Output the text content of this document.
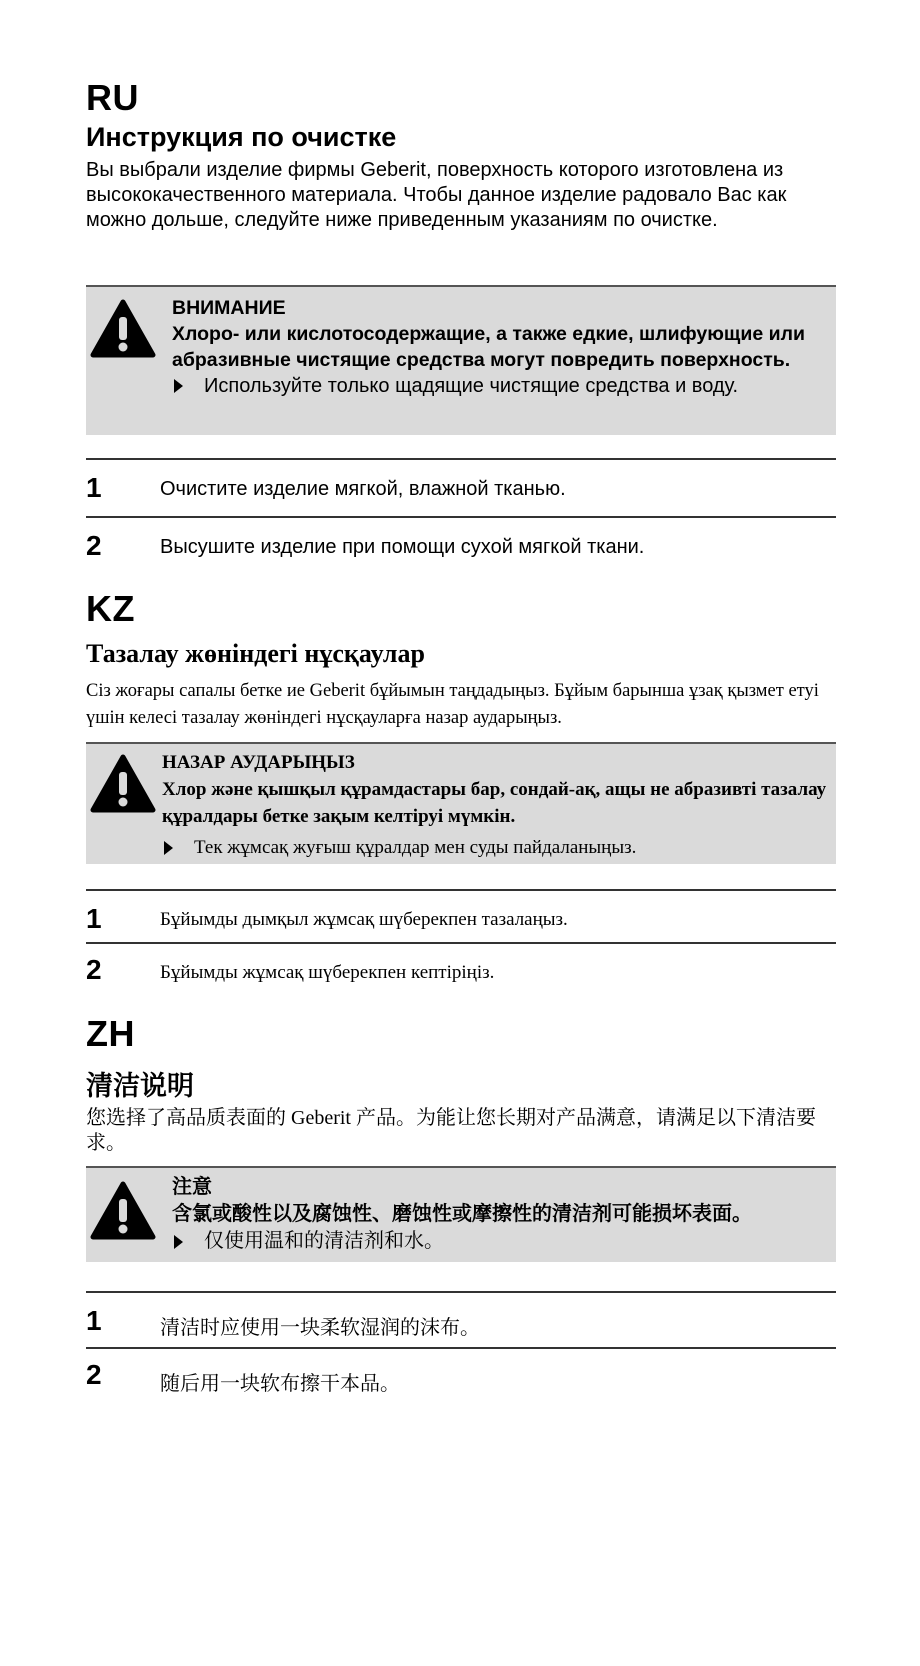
RU
Инструкция по очистке
Вы выбрали изделие фирмы Geberit, поверхность которого изготовлена из высококачественного материала. Чтобы данное изделие радовало Вас как можно дольше, следуйте ниже приведенным указаниям по очистке.
ВНИМАНИЕ
Хлоро- или кислотосодержащие, а также едкие, шлифующие или абразивные чистящие средства могут повредить поверхность.
Используйте только щадящие чистящие средства и воду.
1	Очистите изделие мягкой, влажной тканью.
2	Высушите изделие при помощи сухой мягкой ткани.
KZ
Тазалау жөніндегі нұсқаулар
Сіз жоғары сапалы бетке ие Geberit бұйымын таңдадыңыз. Бұйым барынша ұзақ қызмет етуі үшін келесі тазалау жөніндегі нұсқауларға назар аударыңыз.
НАЗАР АУДАРЫҢЫЗ
Хлор және қышқыл құрамдастары бар, сондай-ақ, ащы не абразивті тазалау құралдары бетке зақым келтіруі мүмкін.
Тек жұмсақ жуғыш құралдар мен суды пайдаланыңыз.
1	Бұйымды дымқыл жұмсақ шүберекпен тазалаңыз.
2	Бұйымды жұмсақ шүберекпен кептіріңіз.
ZH
清洁说明
您选择了高品质表面的 Geberit 产品。为能让您长期对产品满意，请满足以下清洁要求。
注意
含氯或酸性以及腐蚀性、磨蚀性或摩擦性的清洁剂可能损坏表面。
仅使用温和的清洁剂和水。
1	清洁时应使用一块柔软湿润的沫布。
2	随后用一块软布擦干本品。
